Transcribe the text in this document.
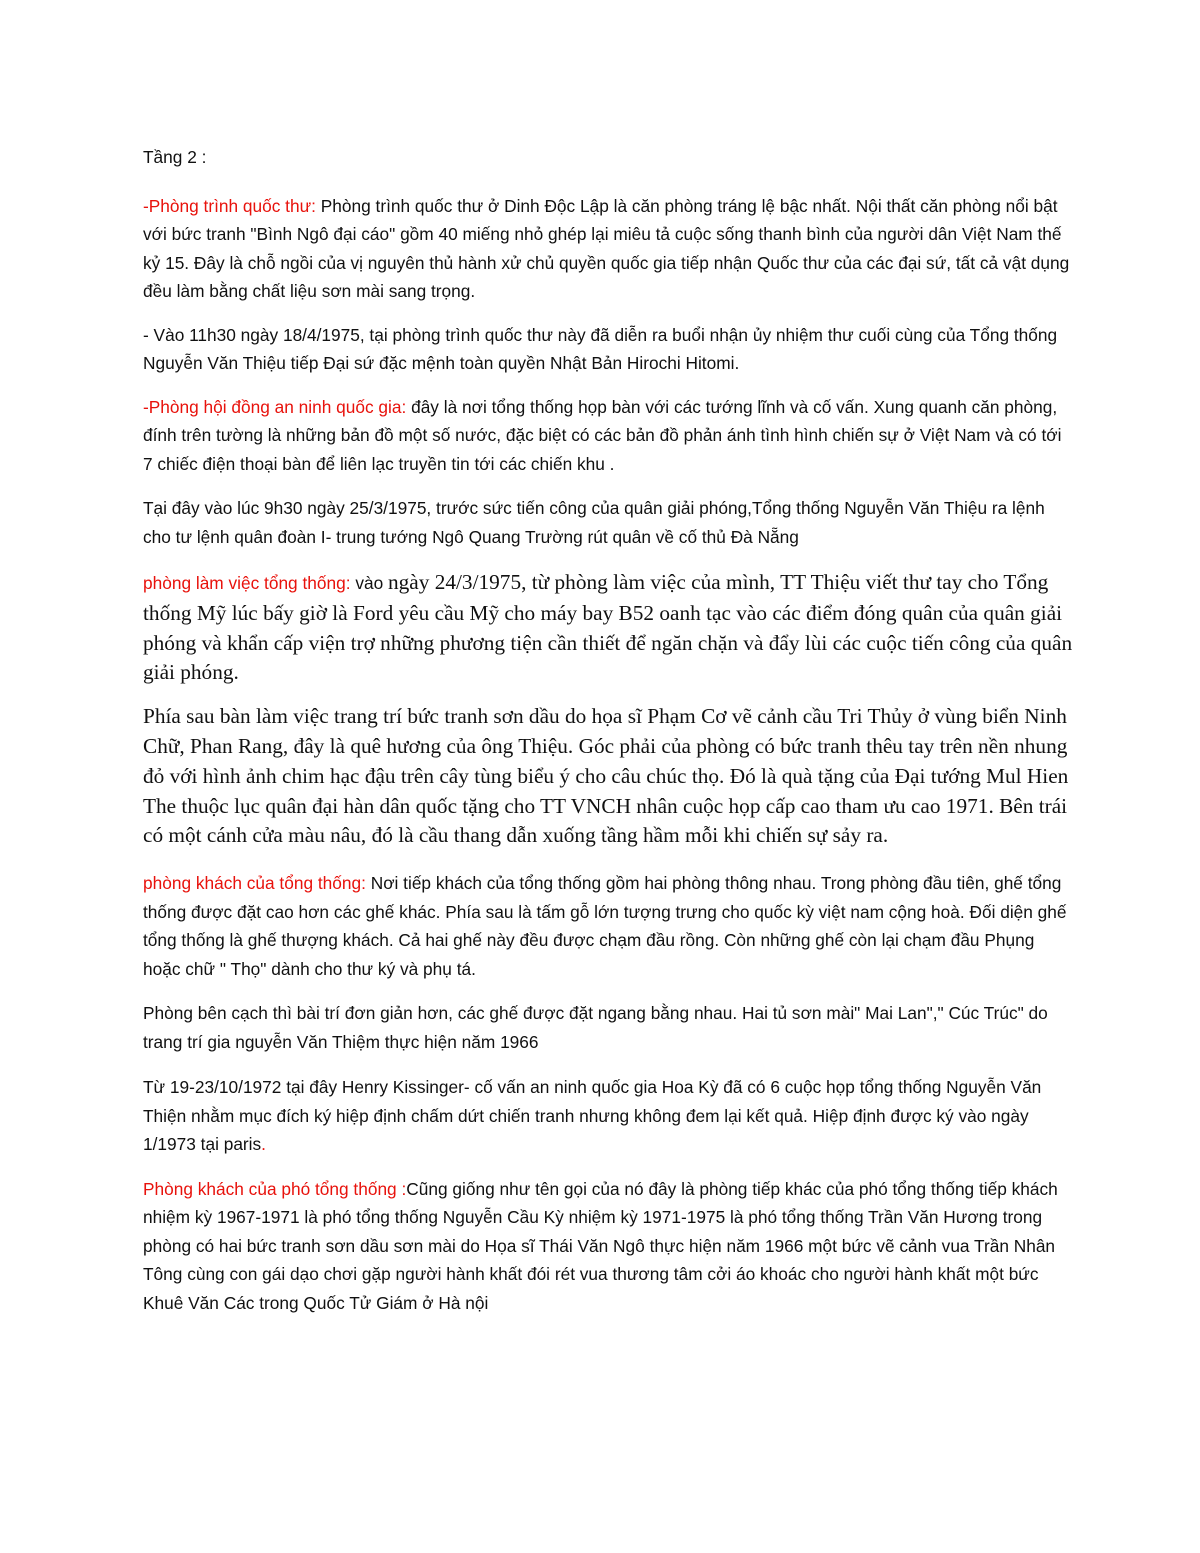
Tầng 2 :

-Phòng trình quốc thư: Phòng trình quốc thư ở Dinh Độc Lập là căn phòng tráng lệ bậc nhất. Nội thất căn phòng nổi bật với bức tranh "Bình Ngô đại cáo" gồm 40 miếng nhỏ ghép lại miêu tả cuộc sống thanh bình của người dân Việt Nam thế kỷ 15. Đây là chỗ ngồi của vị nguyên thủ hành xử chủ quyền quốc gia tiếp nhận Quốc thư của các đại sứ, tất cả vật dụng đều làm bằng chất liệu sơn mài sang trọng.

- Vào 11h30 ngày 18/4/1975, tại phòng trình quốc thư này đã diễn ra buổi nhận ủy nhiệm thư cuối cùng của Tổng thống Nguyễn Văn Thiệu tiếp Đại sứ đặc mệnh toàn quyền Nhật Bản Hirochi Hitomi.

-Phòng hội đồng an ninh quốc gia: đây là nơi tổng thống họp bàn với các tướng lĩnh và cố vấn. Xung quanh căn phòng, đính trên tường là những bản đồ một số nước, đặc biệt có các bản đồ phản ánh tình hình chiến sự ở Việt Nam và có tới 7 chiếc điện thoại bàn để liên lạc truyền tin tới các chiến khu .

Tại đây vào lúc 9h30 ngày 25/3/1975, trước sức tiến công của quân giải phóng,Tổng thống Nguyễn Văn Thiệu ra lệnh cho tư lệnh quân đoàn I- trung tướng Ngô Quang Trường rút quân về cố thủ Đà Nẵng

phòng làm việc tổng thống: vào ngày 24/3/1975, từ phòng làm việc của mình, TT Thiệu viết thư tay cho Tổng thống Mỹ lúc bấy giờ là Ford yêu cầu Mỹ cho máy bay B52 oanh tạc vào các điểm đóng quân của quân giải phóng và khẩn cấp viện trợ những phương tiện cần thiết để ngăn chặn và đẩy lùi các cuộc tiến công của quân giải phóng.

Phía sau bàn làm việc trang trí bức tranh sơn dầu do họa sĩ Phạm Cơ vẽ cảnh cầu Tri Thủy ở vùng biển Ninh Chữ, Phan Rang, đây là quê hương của ông Thiệu. Góc phải của phòng có bức tranh thêu tay trên nền nhung đỏ với hình ảnh chim hạc đậu trên cây tùng biểu ý cho câu chúc thọ. Đó là quà tặng của Đại tướng Mul Hien The thuộc lục quân đại hàn dân quốc tặng cho TT VNCH nhân cuộc họp cấp cao tham ưu cao 1971. Bên trái có một cánh cửa màu nâu, đó là cầu thang dẫn xuống tầng hầm mỗi khi chiến sự sảy ra.

phòng khách của tổng thống: Nơi tiếp khách của tổng thống gồm hai phòng thông nhau. Trong phòng đầu tiên, ghế tổng thống được đặt cao hơn các ghế khác. Phía sau là tấm gỗ lớn tượng trưng cho quốc kỳ việt nam cộng hoà. Đối diện ghế tổng thống là ghế thượng khách. Cả hai ghế này đều được chạm đầu rồng. Còn những ghế còn lại chạm đầu Phụng hoặc chữ " Thọ" dành cho thư ký và phụ tá.

Phòng bên cạch thì bài trí đơn giản hơn, các ghế được đặt ngang bằng nhau. Hai tủ sơn mài" Mai Lan"," Cúc Trúc" do trang trí gia nguyễn Văn Thiệm thực hiện năm 1966

Từ 19-23/10/1972 tại đây Henry Kissinger- cố vấn an ninh quốc gia Hoa Kỳ đã có 6 cuộc họp tổng thống Nguyễn Văn Thiện nhằm mục đích ký hiệp định chấm dứt chiến tranh nhưng không đem lại kết quả. Hiệp định được ký vào ngày 1/1973 tại paris.

Phòng khách của phó tổng thống :Cũng giống như tên gọi của nó đây là phòng tiếp khác của phó tổng thống tiếp khách nhiệm kỳ 1967-1971 là phó tổng thống Nguyễn Cầu Kỳ nhiệm kỳ 1971-1975 là phó tổng thống Trần Văn Hương trong phòng có hai bức tranh sơn dầu sơn mài do Họa sĩ Thái Văn Ngô thực hiện năm 1966 một bức vẽ cảnh vua Trần Nhân Tông cùng con gái dạo chơi gặp người hành khất đói rét vua thương tâm cởi áo khoác cho người hành khất một bức Khuê Văn Các trong Quốc Tử Giám ở Hà nội
